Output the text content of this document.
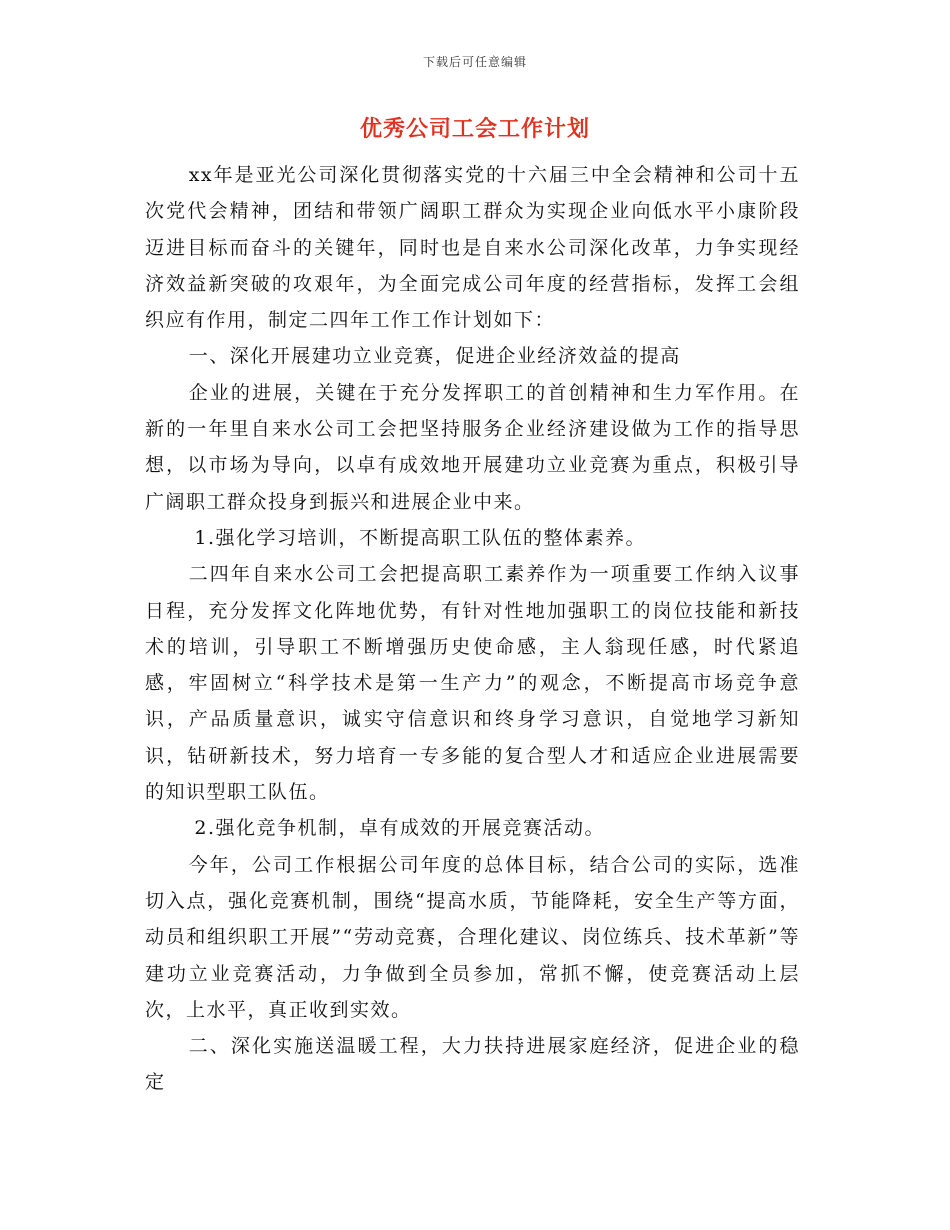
下载后可任意编辑
优秀公司工会工作计划

xx年是亚光公司深化贯彻落实党的十六届三中全会精神和公司十五次党代会精神，团结和带领广阔职工群众为实现企业向低水平小康阶段迈进目标而奋斗的关键年，同时也是自来水公司深化改革，力争实现经济效益新突破的攻艰年，为全面完成公司年度的经营指标，发挥工会组织应有作用，制定二四年工作工作计划如下：

一、深化开展建功立业竞赛，促进企业经济效益的提高

企业的进展，关键在于充分发挥职工的首创精神和生力军作用。在新的一年里自来水公司工会把坚持服务企业经济建设做为工作的指导思想，以市场为导向，以卓有成效地开展建功立业竞赛为重点，积极引导广阔职工群众投身到振兴和进展企业中来。

1.强化学习培训，不断提高职工队伍的整体素养。

二四年自来水公司工会把提高职工素养作为一项重要工作纳入议事日程，充分发挥文化阵地优势，有针对性地加强职工的岗位技能和新技术的培训，引导职工不断增强历史使命感，主人翁现任感，时代紧追感，牢固树立“科学技术是第一生产力”的观念，不断提高市场竞争意识，产品质量意识，诚实守信意识和终身学习意识，自觉地学习新知识，钻研新技术，努力培育一专多能的复合型人才和适应企业进展需要的知识型职工队伍。

2.强化竞争机制，卓有成效的开展竞赛活动。

今年，公司工作根据公司年度的总体目标，结合公司的实际，选准切入点，强化竞赛机制，围绕“提高水质，节能降耗，安全生产等方面，动员和组织职工开展”“劳动竞赛，合理化建议、岗位练兵、技术革新”等建功立业竞赛活动，力争做到全员参加，常抓不懈，使竞赛活动上层次，上水平，真正收到实效。

二、深化实施送温暖工程，大力扶持进展家庭经济，促进企业的稳定
